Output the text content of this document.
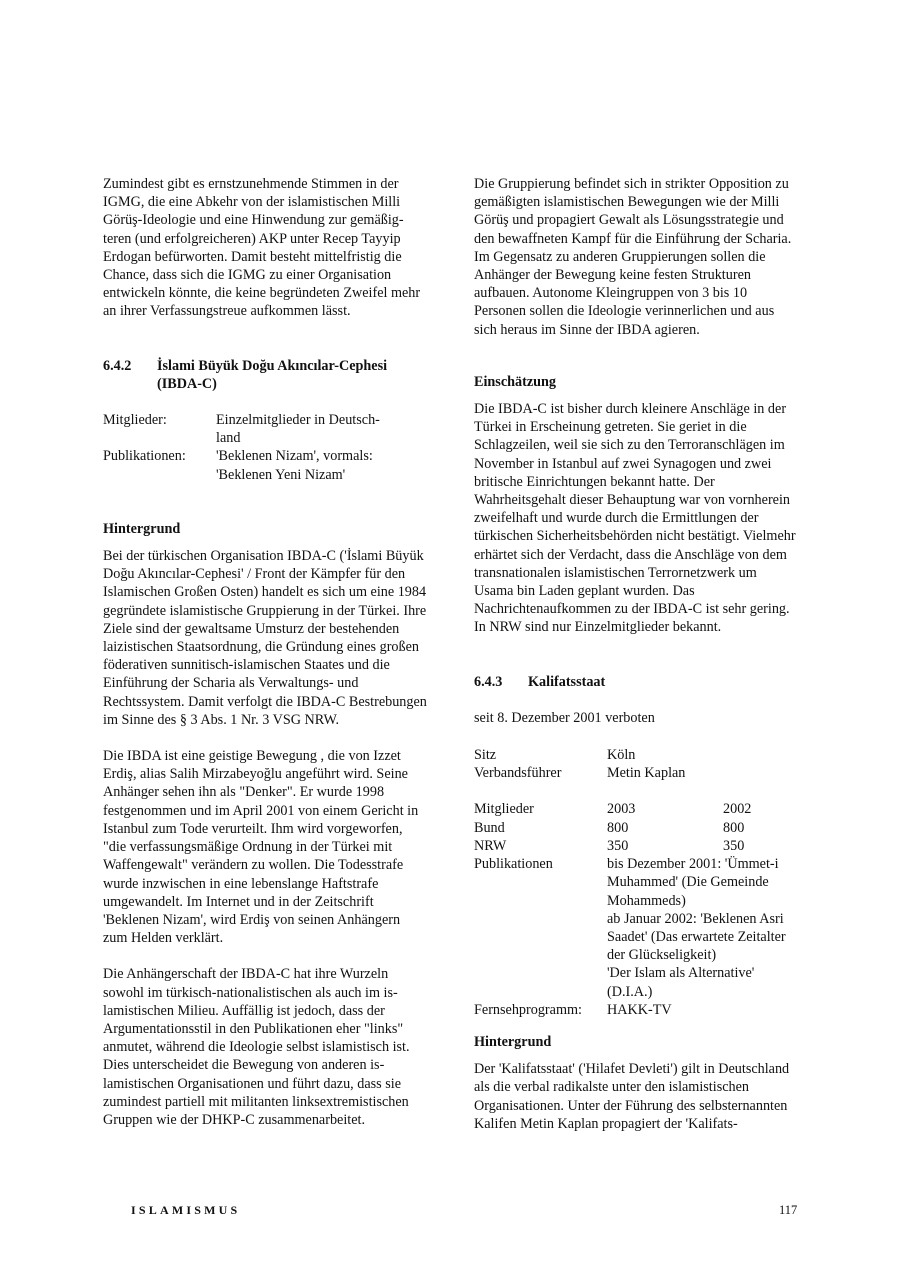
Zumindest gibt es ernstzunehmende Stimmen in der IGMG, die eine Abkehr von der islamistischen Milli Görüş-Ideologie und eine Hinwendung zur gemäßigteren (und erfolgreicheren) AKP unter Recep Tayyip Erdogan befürworten. Damit besteht mittelfristig die Chance, dass sich die IGMG zu einer Organisation entwickeln könnte, die keine begründeten Zweifel mehr an ihrer Verfassungstreue aufkommen lässt.

6.4.2	İslami Büyük Doğu Akıncılar-Cephesi (IBDA-C)
Mitglieder:	Einzelmitglieder in Deutschland
Publikationen:	'Beklenen Nizam', vormals: 'Beklenen Yeni Nizam'

Hintergrund

Bei der türkischen Organisation IBDA-C ('İslami Büyük Doğu Akıncılar-Cephesi' / Front der Kämpfer für den Islamischen Großen Osten) handelt es sich um eine 1984 gegründete islamistische Gruppierung in der Türkei. Ihre Ziele sind der gewaltsame Umsturz der bestehenden laizistischen Staatsordnung, die Gründung eines großen föderativen sunnitisch-islamischen Staates und die Einführung der Scharia als Verwaltungs- und Rechtssystem. Damit verfolgt die IBDA-C Bestrebungen im Sinne des § 3 Abs. 1 Nr. 3 VSG NRW.

Die IBDA ist eine geistige Bewegung , die von Izzet Erdiş, alias Salih Mirzabeyoğlu angeführt wird. Seine Anhänger sehen ihn als "Denker". Er wurde 1998 festgenommen und im April 2001 von einem Gericht in Istanbul zum Tode verurteilt. Ihm wird vorgeworfen, "die verfassungsmäßige Ordnung in der Türkei mit Waffengewalt" verändern zu wollen. Die Todesstrafe wurde inzwischen in eine lebenslange Haftstrafe umgewandelt. Im Internet und in der Zeitschrift 'Beklenen Nizam', wird Erdiş von seinen Anhängern zum Helden verklärt.

Die Anhängerschaft der IBDA-C hat ihre Wurzeln sowohl im türkisch-nationalistischen als auch im islamistischen Milieu. Auffällig ist jedoch, dass der Argumentationsstil in den Publikationen eher "links" anmutet, während die Ideologie selbst islamistisch ist. Dies unterscheidet die Bewegung von anderen islamistischen Organisationen und führt dazu, dass sie zumindest partiell mit militanten linksextremistischen Gruppen wie der DHKP-C zusammenarbeitet.

Die Gruppierung befindet sich in strikter Opposition zu gemäßigten islamistischen Bewegungen wie der Milli Görüş und propagiert Gewalt als Lösungsstrategie und den bewaffneten Kampf für die Einführung der Scharia. Im Gegensatz zu anderen Gruppierungen sollen die Anhänger der Bewegung keine festen Strukturen aufbauen. Autonome Kleingruppen von 3 bis 10 Personen sollen die Ideologie verinnerlichen und aus sich heraus im Sinne der IBDA agieren.

Einschätzung

Die IBDA-C ist bisher durch kleinere Anschläge in der Türkei in Erscheinung getreten. Sie geriet in die Schlagzeilen, weil sie sich zu den Terroranschlägen im November in Istanbul auf zwei Synagogen und zwei britische Einrichtungen bekannt hatte. Der Wahrheitsgehalt dieser Behauptung war von vornherein zweifelhaft und wurde durch die Ermittlungen der türkischen Sicherheitsbehörden nicht bestätigt. Vielmehr erhärtet sich der Verdacht, dass die Anschläge von dem transnationalen islamistischen Terrornetzwerk um Usama bin Laden geplant wurden. Das Nachrichtenaufkommen zu der IBDA-C ist sehr gering. In NRW sind nur Einzelmitglieder bekannt.

6.4.3	Kalifatsstaat

seit 8. Dezember 2001 verboten

Sitz	Köln
Verbandsführer	Metin Kaplan
Mitglieder	2003	2002
Bund	800	800
NRW	350	350
Publikationen	bis Dezember 2001: 'Ümmet-i Muhammed' (Die Gemeinde Mohammeds)
ab Januar 2002: 'Beklenen Asri Saadet' (Das erwartete Zeitalter der Glückseligkeit)
'Der Islam als Alternative' (D.I.A.)
Fernsehprogramm:	HAKK-TV

Hintergrund

Der 'Kalifatsstaat' ('Hilafet Devleti') gilt in Deutschland als die verbal radikalste unter den islamistischen Organisationen. Unter der Führung des selbsternannten Kalifen Metin Kaplan propagiert der 'Kalifats-

ISLAMISMUS	117
